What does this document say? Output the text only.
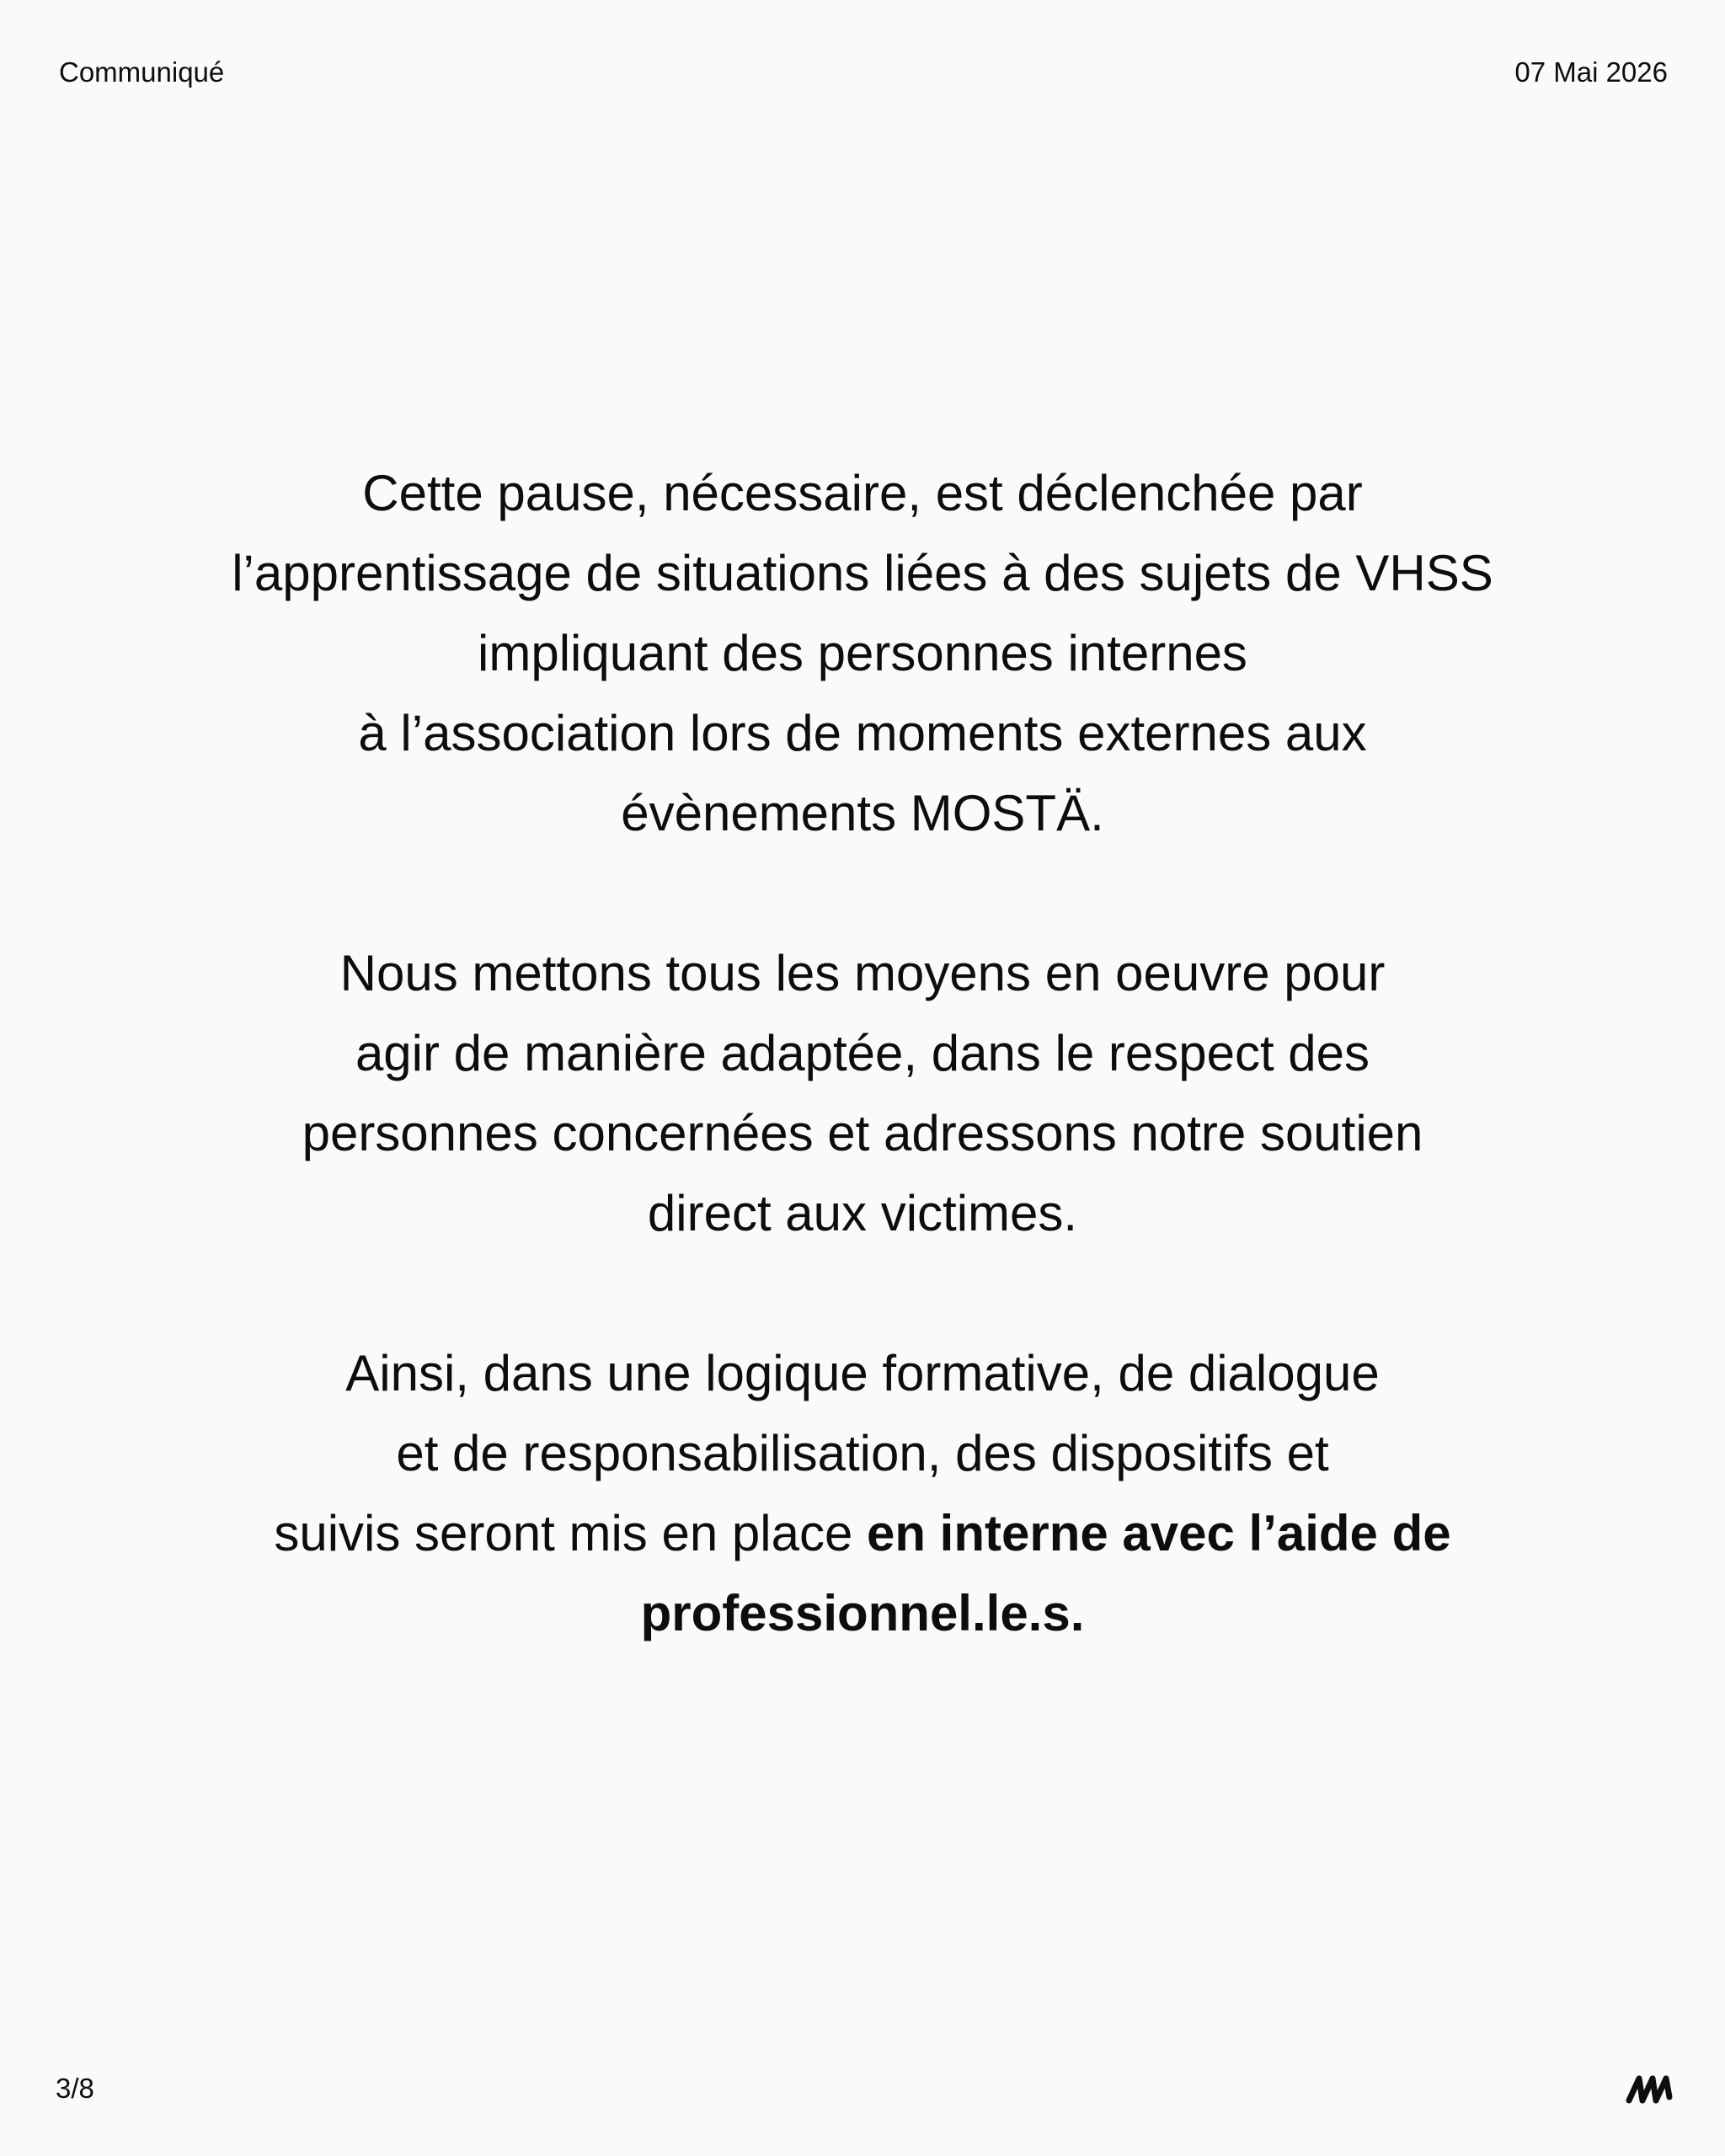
Communiqué	07 Mai 2026

Cette pause, nécessaire, est déclenchée par
l’apprentissage de situations liées à des sujets de VHSS
impliquant des personnes internes
à l’association lors de moments externes aux
évènements MOSTÄ.

Nous mettons tous les moyens en oeuvre pour
agir de manière adaptée, dans le respect des
personnes concernées et adressons notre soutien
direct aux victimes.

Ainsi, dans une logique formative, de dialogue
et de responsabilisation, des dispositifs et
suivis seront mis en place en interne avec l’aide de
professionnel.le.s.

3/8
